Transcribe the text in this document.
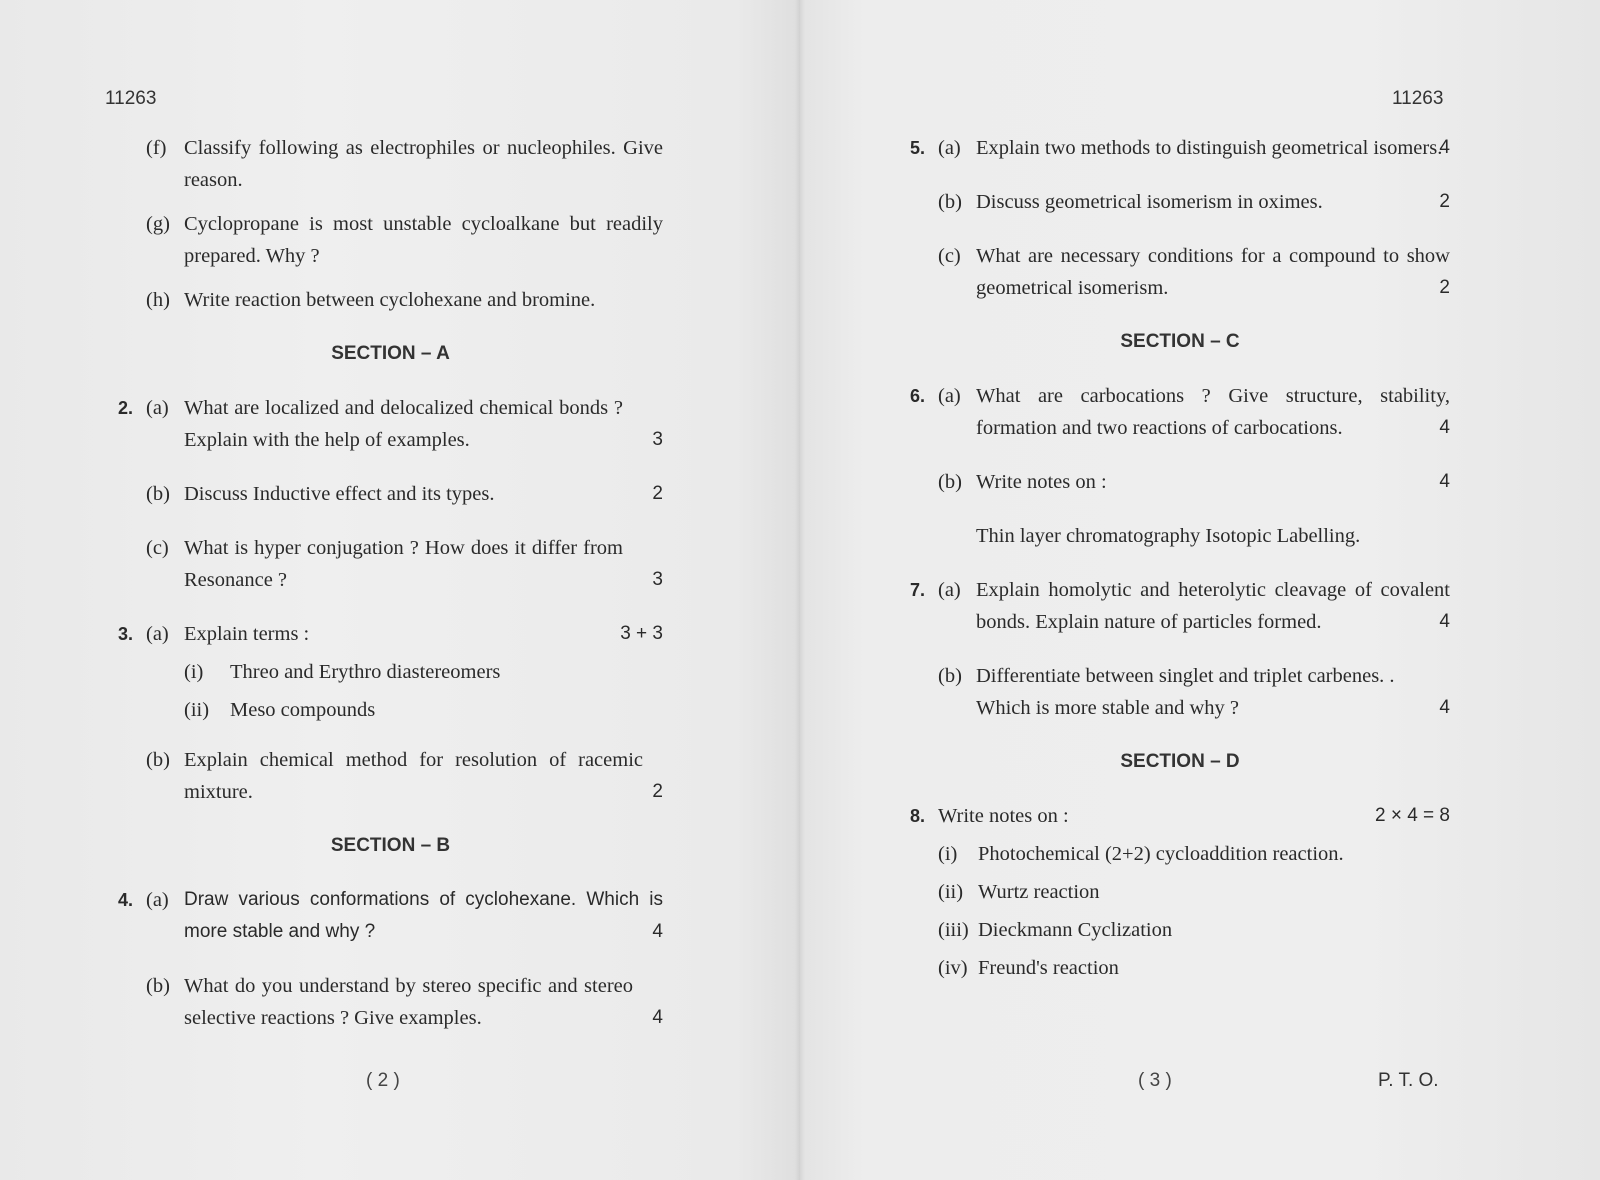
11263
(f) Classify following as electrophiles or nucleophiles. Give reason.
(g) Cyclopropane is most unstable cycloalkane but readily prepared. Why ?
(h) Write reaction between cyclohexane and bromine.
SECTION – A
2. (a) What are localized and delocalized chemical bonds ? Explain with the help of examples.	3
(b) Discuss Inductive effect and its types.	2
(c) What is hyper conjugation ? How does it differ from Resonance ?	3
3. (a) Explain terms :	3 + 3
(i)	Threo and Erythro diastereomers
(ii)	Meso compounds
(b) Explain chemical method for resolution of racemic mixture.	2
SECTION – B
4. (a) Draw various conformations of cyclohexane. Which is more stable and why ?	4
(b) What do you understand by stereo specific and stereo selective reactions ? Give examples.	4
( 2 )
5. (a) Explain two methods to distinguish geometrical isomers.
4
(b) Discuss geometrical isomerism in oximes.	2
(c) What are necessary conditions for a compound to show geometrical isomerism.	2
SECTION – C
6. (a) What are carbocations ? Give structure, stability, formation and two reactions of carbocations.	4
(b) Write notes on :	4
Thin layer chromatography Isotopic Labelling.
7. (a) Explain homolytic and heterolytic cleavage of covalent bonds. Explain nature of particles formed.	4
(b) Differentiate between singlet and triplet carbenes. . Which is more stable and why ?	4
SECTION – D
8. Write notes on :	2 × 4 = 8
(i)	Photochemical (2+2) cycloaddition reaction.
(ii) Wurtz reaction
(iii) Dieckmann Cyclization
(iv) Freund's reaction
( 3 )
11263
P. T. O.
